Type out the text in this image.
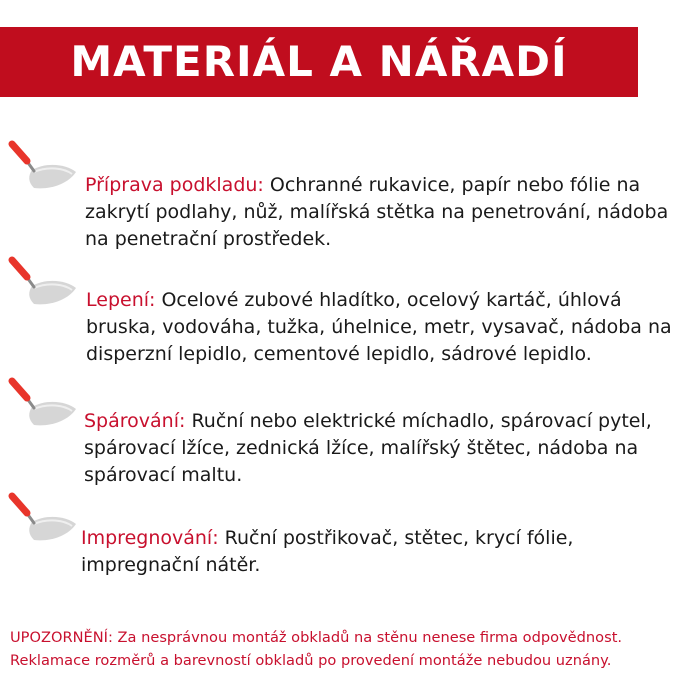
MATERIÁL A NÁŘADÍ
Příprava podkladu: Ochranné rukavice, papír nebo fólie na zakrytí podlahy, nůž, malířská stětka na penetrování, nádoba na penetrační prostředek.
Lepení: Ocelové zubové hladítko, ocelový kartáč, úhlová bruska, vodováha, tužka, úhelnice, metr, vysavač, nádoba na disperzní lepidlo, cementové lepidlo, sádrové lepidlo.
Spárování: Ruční nebo elektrické míchadlo, spárovací pytel, spárovací lžíce, zednická lžíce, malířský štětec, nádoba na spárovací maltu.
Impregnování: Ruční postřikovač, stětec, krycí fólie, impregnační nátěr.
UPOZORNĚNÍ: Za nesprávnou montáž obkladů na stěnu nenese firma odpovědnost.
Reklamace rozměrů a barevností obkladů po provedení montáže nebudou uznány.
